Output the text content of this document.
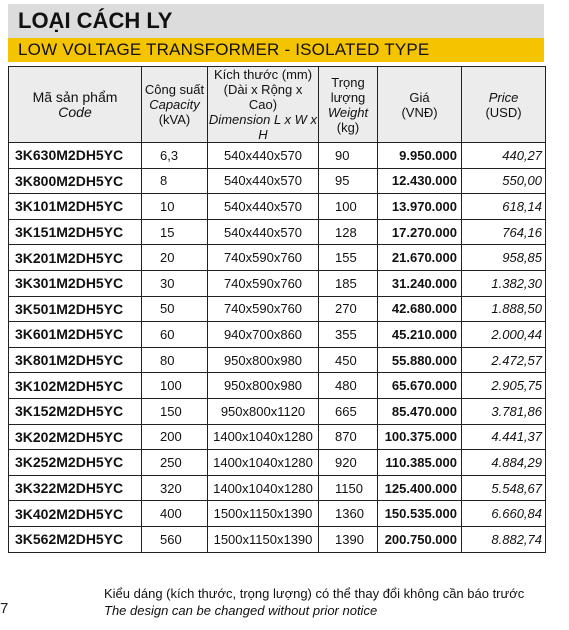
LOẠI CÁCH LY
LOW VOLTAGE TRANSFORMER - ISOLATED TYPE
Mã sản phẩm
Code	Công suất
Capacity
(kVA)	Kích thước (mm)
(Dài x Rộng x Cao)
Dimension L x W x H	Trọng lượng
Weight
(kg)	Giá
(VNĐ)	Price
(USD)

3K630M2DH5YC	6,3	540x440x570	90	9.950.000	440,27
3K800M2DH5YC	8	540x440x570	95	12.430.000	550,00
3K101M2DH5YC	10	540x440x570	100	13.970.000	618,14
3K151M2DH5YC	15	540x440x570	128	17.270.000	764,16
3K201M2DH5YC	20	740x590x760	155	21.670.000	958,85
3K301M2DH5YC	30	740x590x760	185	31.240.000	1.382,30
3K501M2DH5YC	50	740x590x760	270	42.680.000	1.888,50
3K601M2DH5YC	60	940x700x860	355	45.210.000	2.000,44
3K801M2DH5YC	80	950x800x980	450	55.880.000	2.472,57
3K102M2DH5YC	100	950x800x980	480	65.670.000	2.905,75
3K152M2DH5YC	150	950x800x1120	665	85.470.000	3.781,86
3K202M2DH5YC	200	1400x1040x1280	870	100.375.000	4.441,37
3K252M2DH5YC	250	1400x1040x1280	920	110.385.000	4.884,29
3K322M2DH5YC	320	1400x1040x1280	1150	125.400.000	5.548,67
3K402M2DH5YC	400	1500x1150x1390	1360	150.535.000	6.660,84
3K562M2DH5YC	560	1500x1150x1390	1390	200.750.000	8.882,74
7
Kiểu dáng (kích thước, trọng lượng) có thể thay đổi không cần báo trước
The design can be changed without prior notice
